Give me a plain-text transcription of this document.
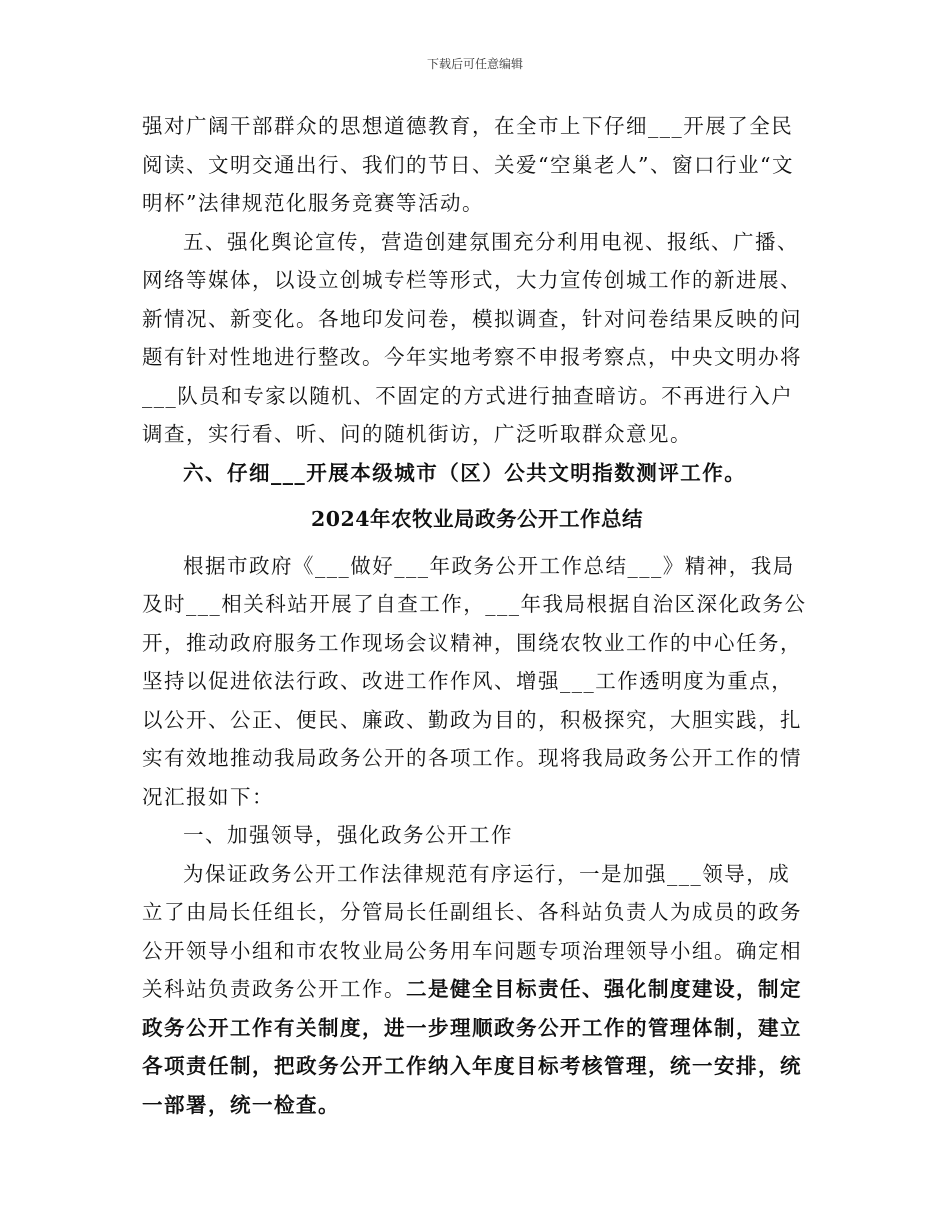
下载后可任意编辑

强对广阔干部群众的思想道德教育，在全市上下仔细___开展了全民阅读、文明交通出行、我们的节日、关爱“空巢老人”、窗口行业“文明杯”法律规范化服务竞赛等活动。

五、强化舆论宣传，营造创建氛围充分利用电视、报纸、广播、网络等媒体，以设立创城专栏等形式，大力宣传创城工作的新进展、新情况、新变化。各地印发问卷，模拟调查，针对问卷结果反映的问题有针对性地进行整改。今年实地考察不申报考察点，中央文明办将___队员和专家以随机、不固定的方式进行抽查暗访。不再进行入户调查，实行看、听、问的随机街访，广泛听取群众意见。

六、仔细___开展本级城市（区）公共文明指数测评工作。

2024年农牧业局政务公开工作总结

根据市政府《___做好___年政务公开工作总结___》精神，我局及时___相关科站开展了自查工作，___年我局根据自治区深化政务公开，推动政府服务工作现场会议精神，围绕农牧业工作的中心任务，坚持以促进依法行政、改进工作作风、增强___工作透明度为重点，以公开、公正、便民、廉政、勤政为目的，积极探究，大胆实践，扎实有效地推动我局政务公开的各项工作。现将我局政务公开工作的情况汇报如下：

一、加强领导，强化政务公开工作

为保证政务公开工作法律规范有序运行，一是加强___领导，成立了由局长任组长，分管局长任副组长、各科站负责人为成员的政务公开领导小组和市农牧业局公务用车问题专项治理领导小组。确定相关科站负责政务公开工作。二是健全目标责任、强化制度建设，制定政务公开工作有关制度，进一步理顺政务公开工作的管理体制，建立各项责任制，把政务公开工作纳入年度目标考核管理，统一安排，统一部署，统一检查。
